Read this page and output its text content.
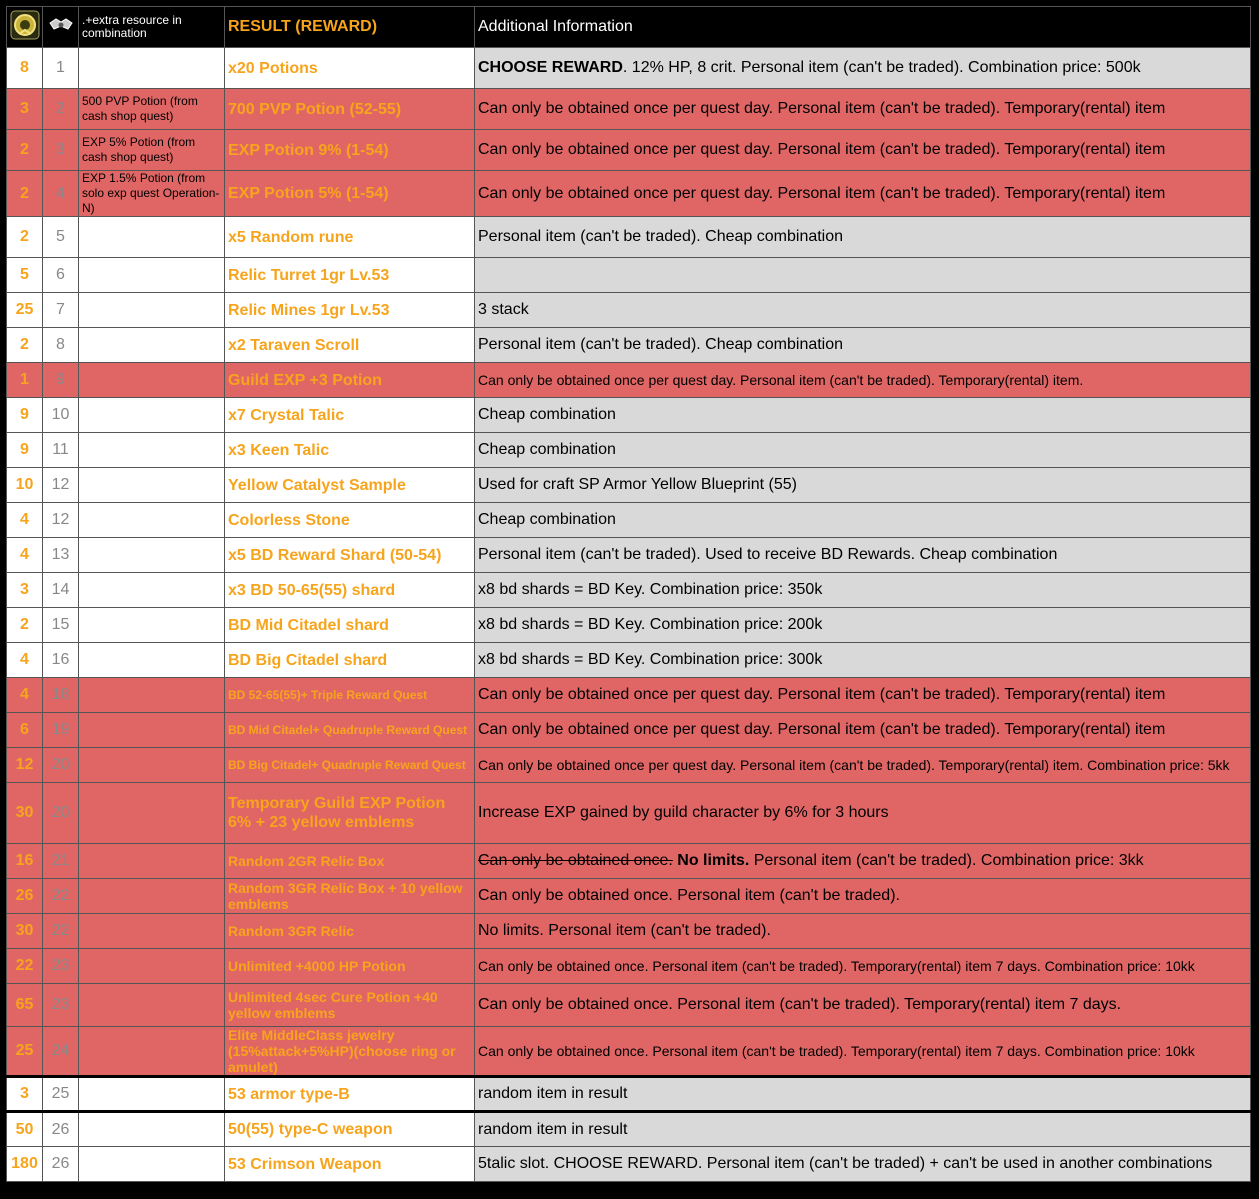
		.+extra resource in combination	RESULT (REWARD)	Additional Information
8	1		x20 Potions	CHOOSE REWARD. 12% HP, 8 crit. Personal item (can't be traded). Combination price: 500k
3	2	500 PVP Potion (from cash shop quest)	700 PVP Potion (52-55)	Can only be obtained once per quest day. Personal item (can't be traded). Temporary(rental) item
2	3	EXP 5% Potion (from cash shop quest)	EXP Potion 9% (1-54)	Can only be obtained once per quest day. Personal item (can't be traded). Temporary(rental) item
2	4	EXP 1.5% Potion (from solo exp quest Operation-N)	EXP Potion 5% (1-54)	Can only be obtained once per quest day. Personal item (can't be traded). Temporary(rental) item
2	5		x5 Random rune	Personal item (can't be traded). Cheap combination
5	6		Relic Turret 1gr Lv.53	
25	7		Relic Mines 1gr Lv.53	3 stack
2	8		x2 Taraven Scroll	Personal item (can't be traded). Cheap combination
1	9		Guild EXP +3 Potion	Can only be obtained once per quest day. Personal item (can't be traded). Temporary(rental) item.
9	10		x7 Crystal Talic	Cheap combination
9	11		x3 Keen Talic	Cheap combination
10	12		Yellow Catalyst Sample	Used for craft SP Armor Yellow Blueprint (55)
4	12		Colorless Stone	Cheap combination
4	13		x5 BD Reward Shard (50-54)	Personal item (can't be traded). Used to receive BD Rewards. Cheap combination
3	14		x3 BD 50-65(55) shard	x8 bd shards = BD Key. Combination price: 350k
2	15		BD Mid Citadel shard	x8 bd shards = BD Key. Combination price: 200k
4	16		BD Big Citadel shard	x8 bd shards = BD Key. Combination price: 300k
4	18		BD 52-65(55)+ Triple Reward Quest	Can only be obtained once per quest day. Personal item (can't be traded). Temporary(rental) item
6	19		BD Mid Citadel+ Quadruple Reward Quest	Can only be obtained once per quest day. Personal item (can't be traded). Temporary(rental) item
12	20		BD Big Citadel+ Quadruple Reward Quest	Can only be obtained once per quest day. Personal item (can't be traded). Temporary(rental) item. Combination price: 5kk
30	20		Temporary Guild EXP Potion 6% + 23 yellow emblems	Increase EXP gained by guild character by 6% for 3 hours
16	21		Random 2GR Relic Box	Can only be obtained once. No limits. Personal item (can't be traded). Combination price: 3kk
26	22		Random 3GR Relic Box + 10 yellow emblems	Can only be obtained once. Personal item (can't be traded).
30	22		Random 3GR Relic	No limits. Personal item (can't be traded).
22	23		Unlimited +4000 HP Potion	Can only be obtained once. Personal item (can't be traded). Temporary(rental) item 7 days. Combination price: 10kk
65	23		Unlimited 4sec Cure Potion +40 yellow emblems	Can only be obtained once. Personal item (can't be traded). Temporary(rental) item 7 days.
25	24		Elite MiddleClass jewelry (15%attack+5%HP)(choose ring or amulet)	Can only be obtained once. Personal item (can't be traded). Temporary(rental) item 7 days. Combination price: 10kk
3	25		53 armor type-B	random item in result
50	26		50(55) type-C weapon	random item in result
180	26		53 Crimson Weapon	5talic slot. CHOOSE REWARD. Personal item (can't be traded) + can't be used in another combinations
